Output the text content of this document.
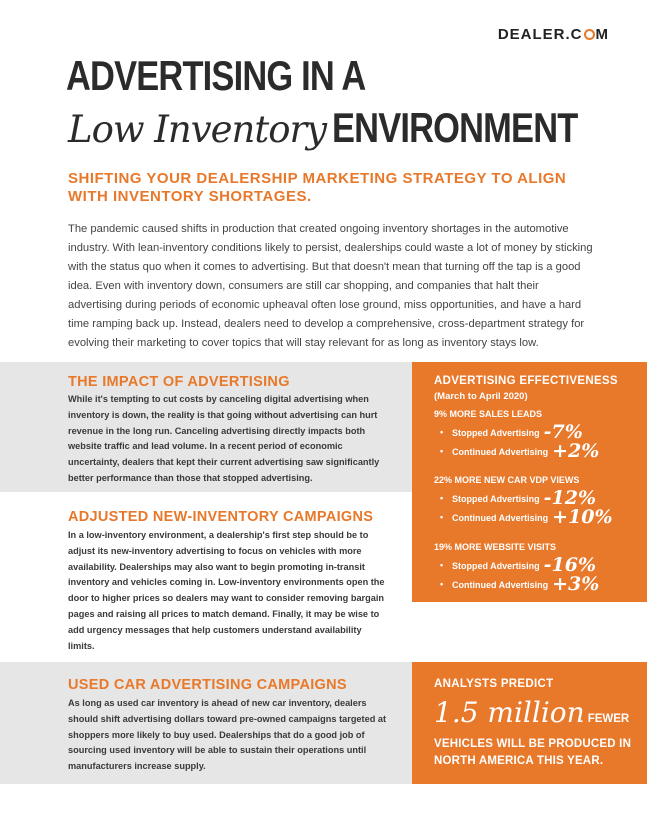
DEALER.C M
ADVERTISING IN A
Low Inventory ENVIRONMENT
SHIFTING YOUR DEALERSHIP MARKETING STRATEGY TO ALIGN WITH INVENTORY SHORTAGES.
The pandemic caused shifts in production that created ongoing inventory shortages in the automotive industry. With lean-inventory conditions likely to persist, dealerships could waste a lot of money by sticking with the status quo when it comes to advertising. But that doesn't mean that turning off the tap is a good idea. Even with inventory down, consumers are still car shopping, and companies that halt their advertising during periods of economic upheaval often lose ground, miss opportunities, and have a hard time ramping back up. Instead, dealers need to develop a comprehensive, cross-department strategy for evolving their marketing to cover topics that will stay relevant for as long as inventory stays low.
THE IMPACT OF ADVERTISING
While it's tempting to cut costs by canceling digital advertising when inventory is down, the reality is that going without advertising can hurt revenue in the long run. Canceling advertising directly impacts both website traffic and lead volume. In a recent period of economic uncertainty, dealers that kept their current advertising saw significantly better performance than those that stopped advertising.
ADJUSTED NEW-INVENTORY CAMPAIGNS
In a low-inventory environment, a dealership's first step should be to adjust its new-inventory advertising to focus on vehicles with more availability. Dealerships may also want to begin promoting in-transit inventory and vehicles coming in. Low-inventory environments open the door to higher prices so dealers may want to consider removing bargain pages and raising all prices to match demand. Finally, it may be wise to add urgency messages that help customers understand availability limits.
USED CAR ADVERTISING CAMPAIGNS
As long as used car inventory is ahead of new car inventory, dealers should shift advertising dollars toward pre-owned campaigns targeted at shoppers more likely to buy used. Dealerships that do a good job of sourcing used inventory will be able to sustain their operations until manufacturers increase supply.
ADVERTISING EFFECTIVENESS
(March to April 2020)
9% MORE SALES LEADS
• Stopped Advertising -7%
• Continued Advertising +2%
22% MORE NEW CAR VDP VIEWS
• Stopped Advertising -12%
• Continued Advertising +10%
19% MORE WEBSITE VISITS
• Stopped Advertising -16%
• Continued Advertising +3%
ANALYSTS PREDICT
1.5 million FEWER
VEHICLES WILL BE PRODUCED IN NORTH AMERICA THIS YEAR.
